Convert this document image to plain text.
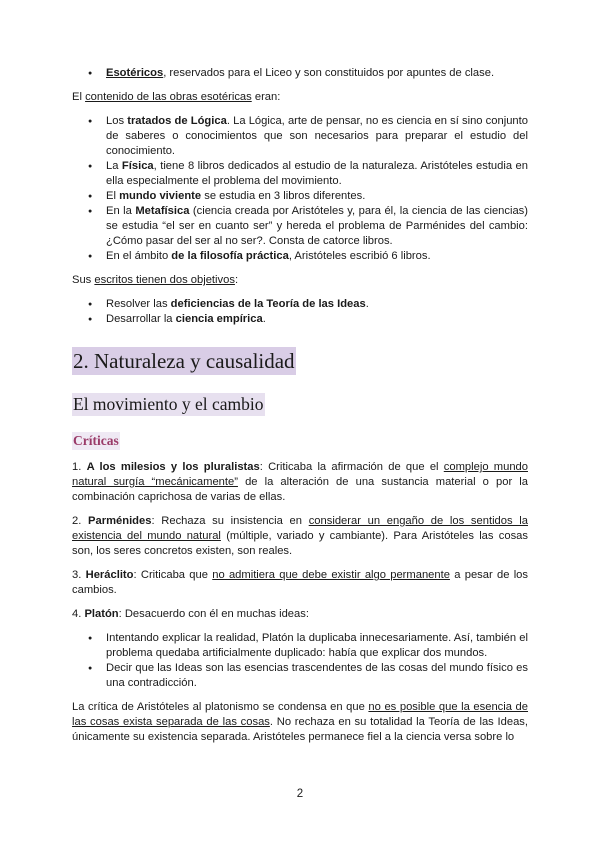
● Esotéricos, reservados para el Liceo y son constituidos por apuntes de clase.

El contenido de las obras esotéricas eran:

● Los tratados de Lógica. La Lógica, arte de pensar, no es ciencia en sí sino conjunto de saberes o conocimientos que son necesarios para preparar el estudio del conocimiento.
● La Física, tiene 8 libros dedicados al estudio de la naturaleza. Aristóteles estudia en ella especialmente el problema del movimiento.
● El mundo viviente se estudia en 3 libros diferentes.
● En la Metafísica (ciencia creada por Aristóteles y, para él, la ciencia de las ciencias) se estudia “el ser en cuanto ser” y hereda el problema de Parménides del cambio: ¿Cómo pasar del ser al no ser?. Consta de catorce libros.
● En el ámbito de la filosofía práctica, Aristóteles escribió 6 libros.

Sus escritos tienen dos objetivos:

● Resolver las deficiencias de la Teoría de las Ideas.
● Desarrollar la ciencia empírica.
2. Naturaleza y causalidad
El movimiento y el cambio
Críticas

1. A los milesios y los pluralistas: Criticaba la afirmación de que el complejo mundo natural surgía “mecánicamente” de la alteración de una sustancia material o por la combinación caprichosa de varias de ellas.

2. Parménides: Rechaza su insistencia en considerar un engaño de los sentidos la existencia del mundo natural (múltiple, variado y cambiante). Para Aristóteles las cosas son, los seres concretos existen, son reales.

3. Heráclito: Criticaba que no admitiera que debe existir algo permanente a pesar de los cambios.

4. Platón: Desacuerdo con él en muchas ideas:

● Intentando explicar la realidad, Platón la duplicaba innecesariamente. Así, también el problema quedaba artificialmente duplicado: había que explicar dos mundos.
● Decir que las Ideas son las esencias trascendentes de las cosas del mundo físico es una contradicción.

La crítica de Aristóteles al platonismo se condensa en que no es posible que la esencia de las cosas exista separada de las cosas. No rechaza en su totalidad la Teoría de las Ideas, únicamente su existencia separada. Aristóteles permanece fiel a la ciencia versa sobre lo

2
